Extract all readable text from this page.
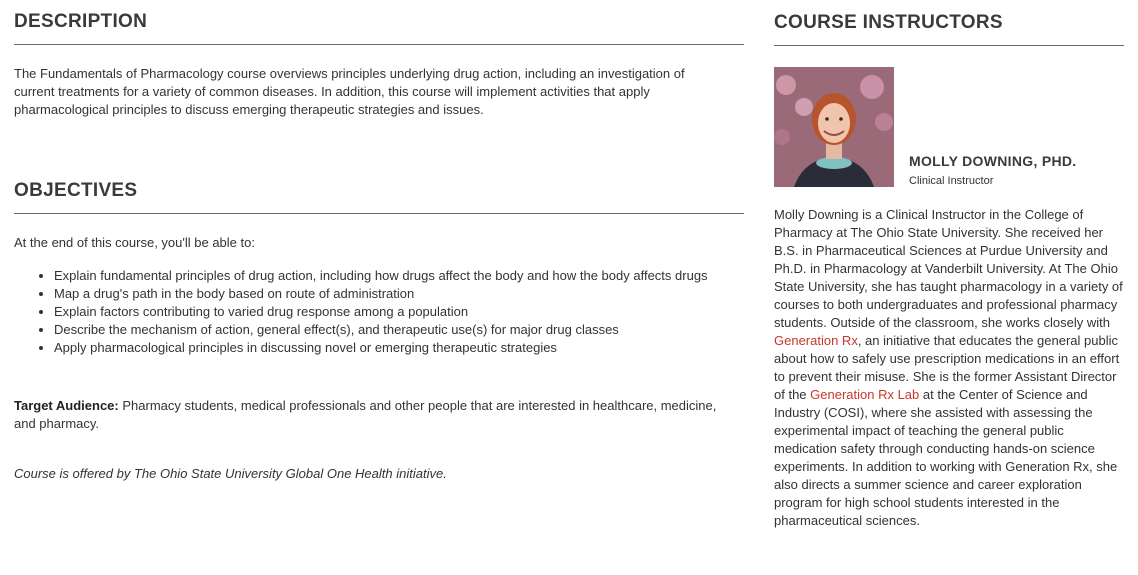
DESCRIPTION

The Fundamentals of Pharmacology course overviews principles underlying drug action, including an investigation of current treatments for a variety of common diseases. In addition, this course will implement activities that apply pharmacological principles to discuss emerging therapeutic strategies and issues.

OBJECTIVES

At the end of this course, you'll be able to:

• Explain fundamental principles of drug action, including how drugs affect the body and how the body affects drugs
• Map a drug's path in the body based on route of administration
• Explain factors contributing to varied drug response among a population
• Describe the mechanism of action, general effect(s), and therapeutic use(s) for major drug classes
• Apply pharmacological principles in discussing novel or emerging therapeutic strategies

Target Audience: Pharmacy students, medical professionals and other people that are interested in healthcare, medicine, and pharmacy.

Course is offered by The Ohio State University Global One Health initiative.

COURSE INSTRUCTORS

MOLLY DOWNING, PHD.

Clinical Instructor

Molly Downing is a Clinical Instructor in the College of Pharmacy at The Ohio State University. She received her B.S. in Pharmaceutical Sciences at Purdue University and Ph.D. in Pharmacology at Vanderbilt University. At The Ohio State University, she has taught pharmacology in a variety of courses to both undergraduates and professional pharmacy students. Outside of the classroom, she works closely with Generation Rx, an initiative that educates the general public about how to safely use prescription medications in an effort to prevent their misuse. She is the former Assistant Director of the Generation Rx Lab at the Center of Science and Industry (COSI), where she assisted with assessing the experimental impact of teaching the general public medication safety through conducting hands-on science experiments. In addition to working with Generation Rx, she also directs a summer science and career exploration program for high school students interested in the pharmaceutical sciences.
